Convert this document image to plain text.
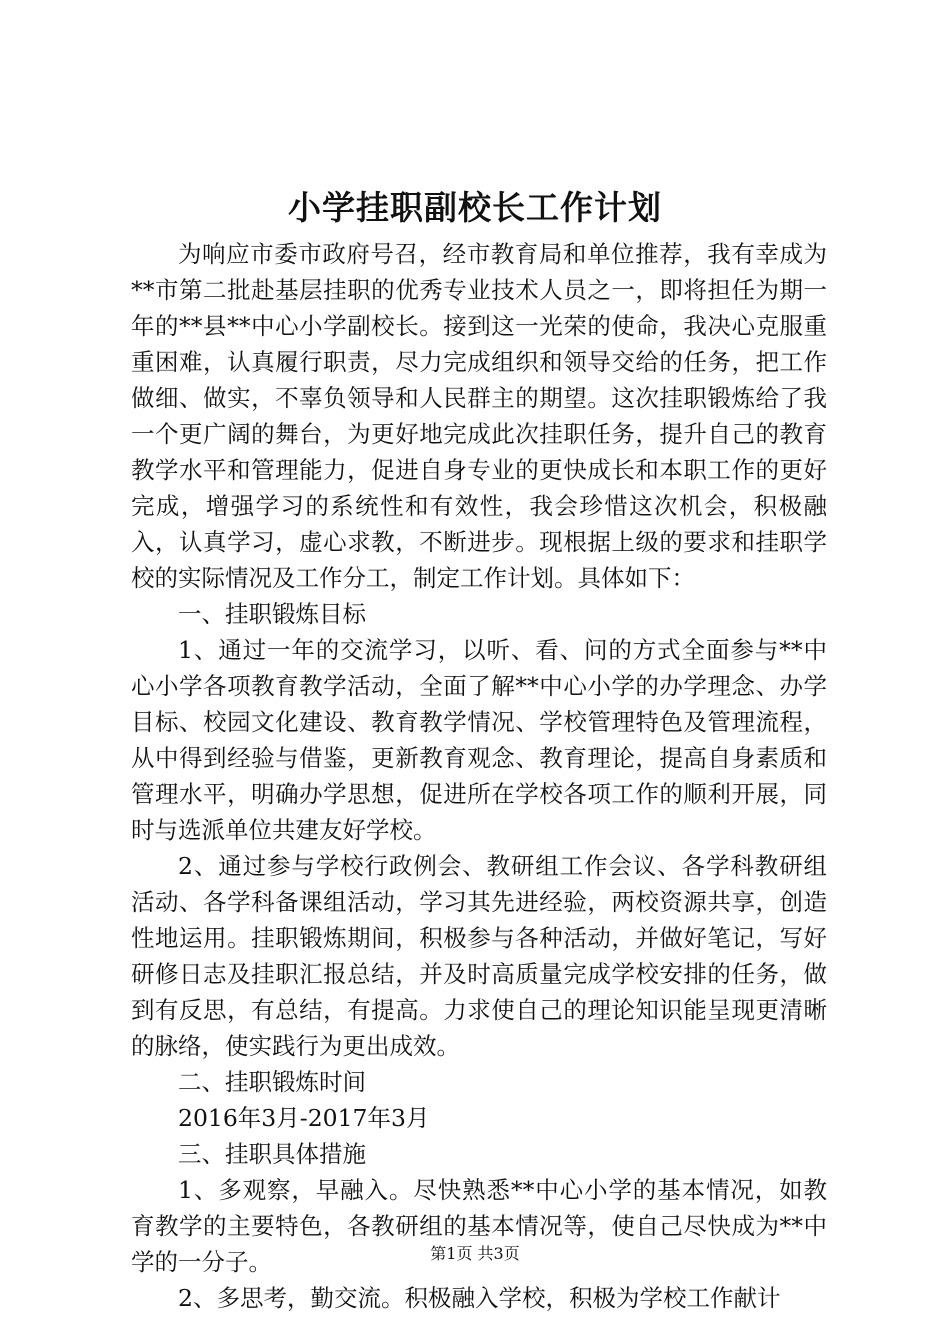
小学挂职副校长工作计划

为响应市委市政府号召，经市教育局和单位推荐，我有幸成为**市第二批赴基层挂职的优秀专业技术人员之一，即将担任为期一年的**县**中心小学副校长。接到这一光荣的使命，我决心克服重重困难，认真履行职责，尽力完成组织和领导交给的任务，把工作做细、做实，不辜负领导和人民群主的期望。这次挂职锻炼给了我一个更广阔的舞台，为更好地完成此次挂职任务，提升自己的教育教学水平和管理能力，促进自身专业的更快成长和本职工作的更好完成，增强学习的系统性和有效性，我会珍惜这次机会，积极融入，认真学习，虚心求教，不断进步。现根据上级的要求和挂职学校的实际情况及工作分工，制定工作计划。具体如下：

一、挂职锻炼目标

1、通过一年的交流学习，以听、看、问的方式全面参与**中心小学各项教育教学活动，全面了解**中心小学的办学理念、办学目标、校园文化建设、教育教学情况、学校管理特色及管理流程，从中得到经验与借鉴，更新教育观念、教育理论，提高自身素质和管理水平，明确办学思想，促进所在学校各项工作的顺利开展，同时与选派单位共建友好学校。

2、通过参与学校行政例会、教研组工作会议、各学科教研组活动、各学科备课组活动，学习其先进经验，两校资源共享，创造性地运用。挂职锻炼期间，积极参与各种活动，并做好笔记，写好研修日志及挂职汇报总结，并及时高质量完成学校安排的任务，做到有反思，有总结，有提高。力求使自己的理论知识能呈现更清晰的脉络，使实践行为更出成效。

二、挂职锻炼时间

2016年3月-2017年3月

三、挂职具体措施

1、多观察，早融入。尽快熟悉**中心小学的基本情况，如教育教学的主要特色，各教研组的基本情况等，使自己尽快成为**中学的一分子。

2、多思考，勤交流。积极融入学校，积极为学校工作献计

第1页 共3页
